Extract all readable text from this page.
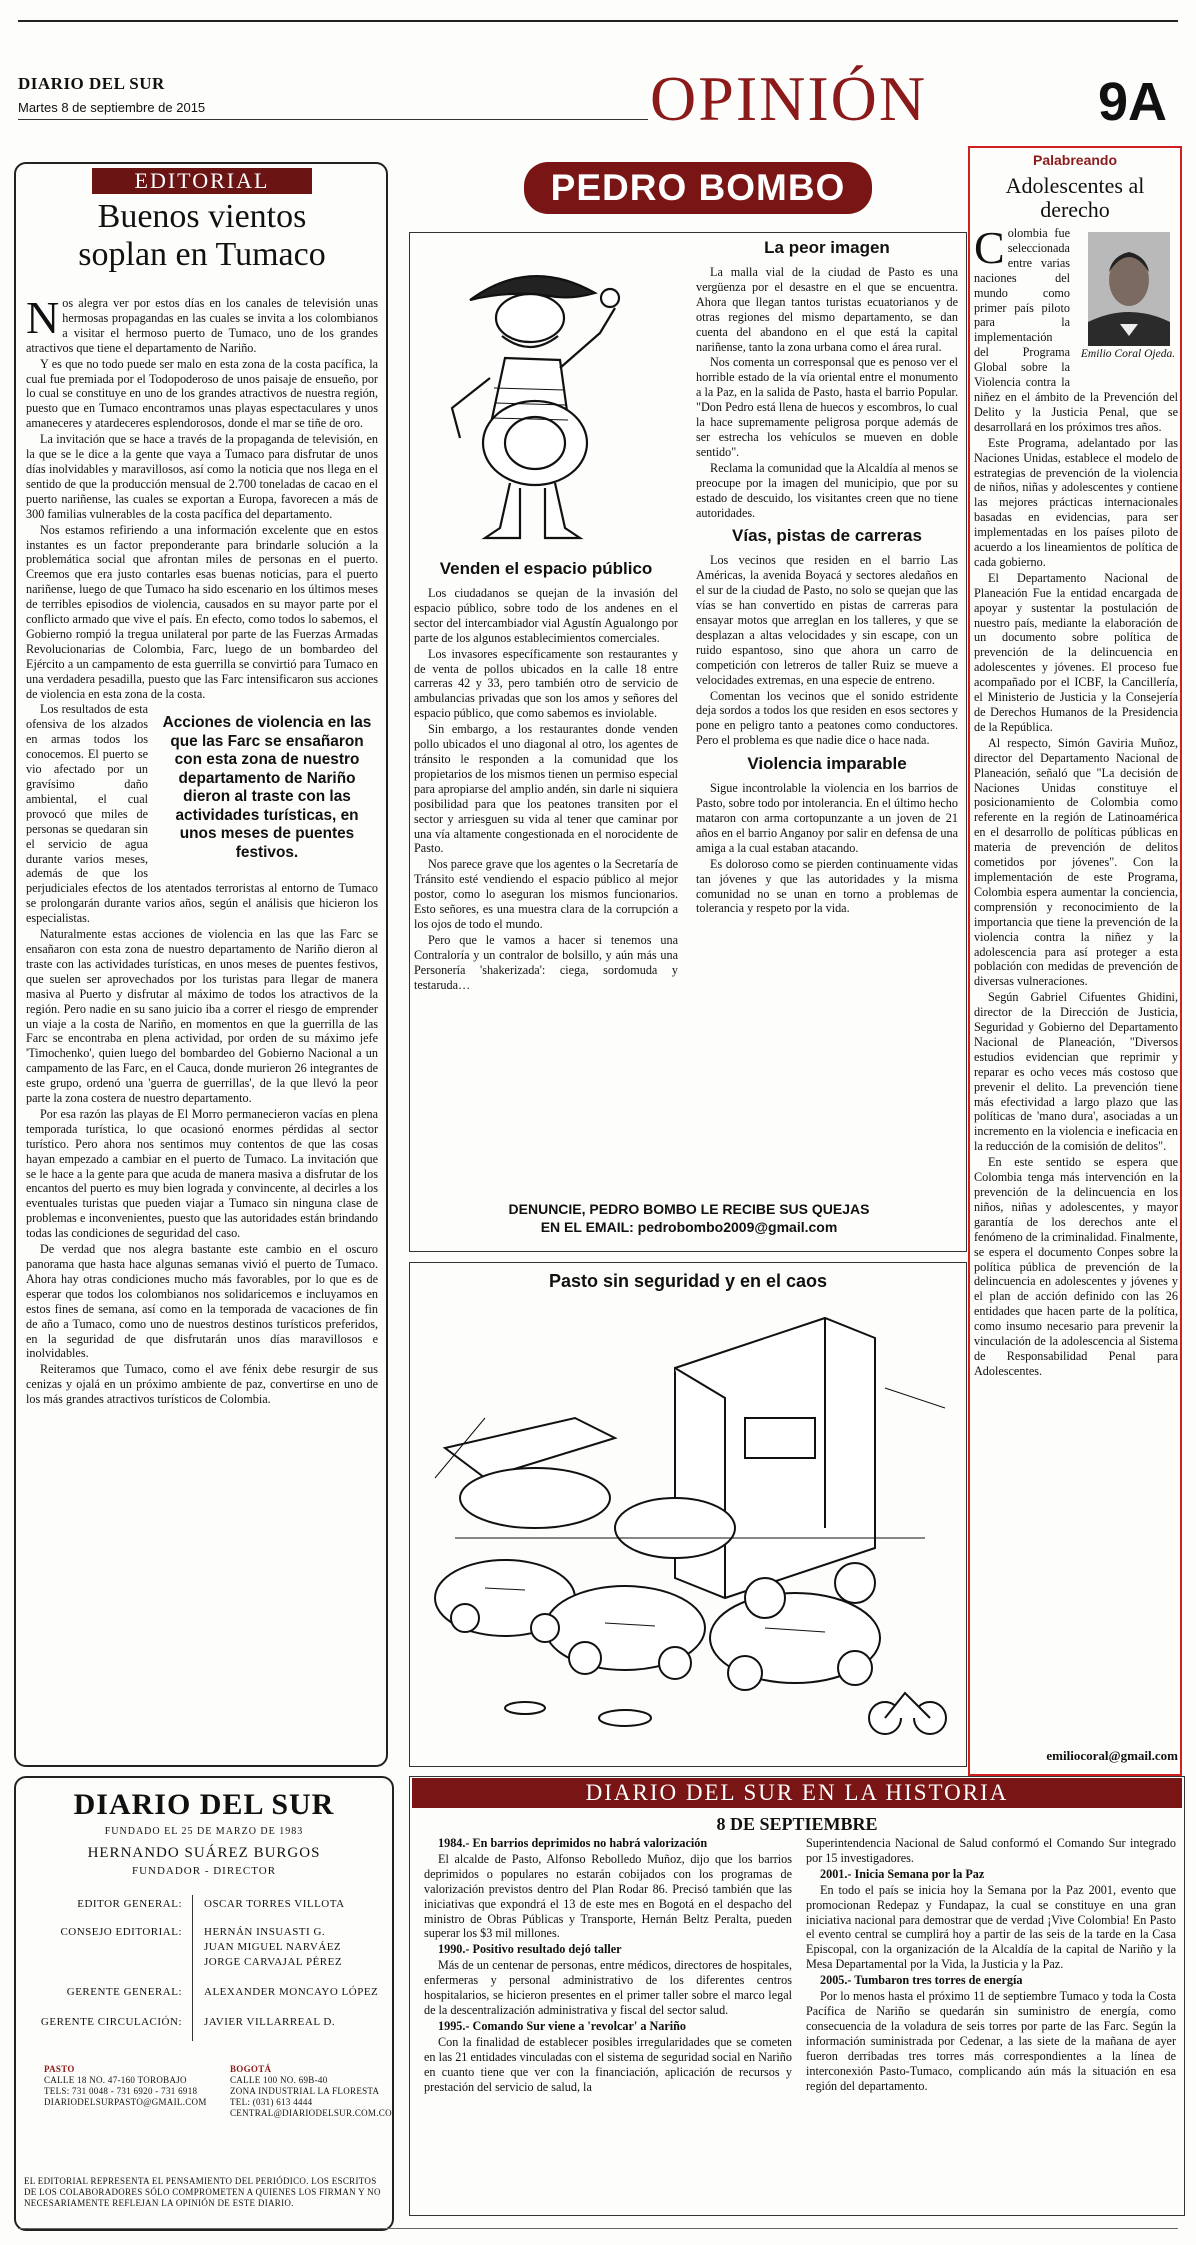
DIARIO DEL SUR
Martes 8 de septiembre de 2015	OPINIÓN	9A
EDITORIAL
Buenos vientos
soplan en Tumaco

Nos alegra ver por estos días en los canales de televisión unas hermosas propagandas en las cuales se invita a los colombianos a visitar el hermoso puerto de Tumaco, uno de los grandes atractivos que tiene el departamento de Nariño.

Y es que no todo puede ser malo en esta zona de la costa pacífica, la cual fue premiada por el Todopoderoso de unos paisaje de ensueño, por lo cual se constituye en uno de los grandes atractivos de nuestra región, puesto que en Tumaco encontramos unas playas espectaculares y unos amaneceres y atardeceres esplendorosos, donde el mar se tiñe de oro.

La invitación que se hace a través de la propaganda de televisión, en la que se le dice a la gente que vaya a Tumaco para disfrutar de unos días inolvidables y maravillosos, así como la noticia que nos llega en el sentido de que la producción mensual de 2.700 toneladas de cacao en el puerto nariñense, las cuales se exportan a Europa, favorecen a más de 300 familias vulnerables de la costa pacífica del departamento.

Nos estamos refiriendo a una información excelente que en estos instantes es un factor preponderante para brindarle solución a la problemática social que afrontan miles de personas en el puerto. Creemos que era justo contarles esas buenas noticias, para el puerto nariñense, luego de que Tumaco ha sido escenario en los últimos meses de terribles episodios de violencia, causados en su mayor parte por el conflicto armado que vive el país. En efecto, como todos lo sabemos, el Gobierno rompió la tregua unilateral por parte de las Fuerzas Armadas Revolucionarias de Colombia, Farc, luego de un bombardeo del Ejército a un campamento de esta guerrilla se convirtió para Tumaco en una verdadera pesadilla, puesto que las Farc intensificaron sus acciones de violencia en esta zona de la costa.

Acciones de violencia en las que las Farc se ensañaron con esta zona de nuestro departamento de Nariño dieron al traste con las actividades turísticas, en unos meses de puentes festivos.

Los resultados de esta ofensiva de los alzados en armas todos los conocemos. El puerto se vio afectado por un gravísimo daño ambiental, el cual provocó que miles de personas se quedaran sin el servicio de agua durante varios meses, además de que los perjudiciales efectos de los atentados terroristas al entorno de Tumaco se prolongarán durante varios años, según el análisis que hicieron los especialistas.

Naturalmente estas acciones de violencia en las que las Farc se ensañaron con esta zona de nuestro departamento de Nariño dieron al traste con las actividades turísticas, en unos meses de puentes festivos, que suelen ser aprovechados por los turistas para llegar de manera masiva al Puerto y disfrutar al máximo de todos los atractivos de la región. Pero nadie en su sano juicio iba a correr el riesgo de emprender un viaje a la costa de Nariño, en momentos en que la guerrilla de las Farc se encontraba en plena actividad, por orden de su máximo jefe 'Timochenko', quien luego del bombardeo del Gobierno Nacional a un campamento de las Farc, en el Cauca, donde murieron 26 integrantes de este grupo, ordenó una 'guerra de guerrillas', de la que llevó la peor parte la zona costera de nuestro departamento.

Por esa razón las playas de El Morro permanecieron vacías en plena temporada turística, lo que ocasionó enormes pérdidas al sector turístico. Pero ahora nos sentimos muy contentos de que las cosas hayan empezado a cambiar en el puerto de Tumaco. La invitación que se le hace a la gente para que acuda de manera masiva a disfrutar de los encantos del puerto es muy bien lograda y convincente, al decirles a los eventuales turistas que pueden viajar a Tumaco sin ninguna clase de problemas e inconvenientes, puesto que las autoridades están brindando todas las condiciones de seguridad del caso.

De verdad que nos alegra bastante este cambio en el oscuro panorama que hasta hace algunas semanas vivió el puerto de Tumaco. Ahora hay otras condiciones mucho más favorables, por lo que es de esperar que todos los colombianos nos solidaricemos e incluyamos en estos fines de semana, así como en la temporada de vacaciones de fin de año a Tumaco, como uno de nuestros destinos turísticos preferidos, en la seguridad de que disfrutarán unos días maravillosos e inolvidables.

Reiteramos que Tumaco, como el ave fénix debe resurgir de sus cenizas y ojalá en un próximo ambiente de paz, convertirse en uno de los más grandes atractivos turísticos de Colombia.

PEDRO BOMBO
Venden el espacio público

Los ciudadanos se quejan de la invasión del espacio público, sobre todo de los andenes en el sector del intercambiador vial Agustín Agualongo por parte de los algunos establecimientos comerciales.

Los invasores específicamente son restaurantes y de venta de pollos ubicados en la calle 18 entre carreras 42 y 33, pero también otro de servicio de ambulancias privadas que son los amos y señores del espacio público, que como sabemos es inviolable.

Sin embargo, a los restaurantes donde venden pollo ubicados el uno diagonal al otro, los agentes de tránsito le responden a la comunidad que los propietarios de los mismos tienen un permiso especial para apropiarse del amplio andén, sin darle ni siquiera posibilidad para que los peatones transiten por el sector y arriesguen su vida al tener que caminar por una vía altamente congestionada en el norocidente de Pasto.

Nos parece grave que los agentes o la Secretaría de Tránsito esté vendiendo el espacio público al mejor postor, como lo aseguran los mismos funcionarios. Esto señores, es una muestra clara de la corrupción a los ojos de todo el mundo.

Pero que le vamos a hacer si tenemos una Contraloría y un contralor de bolsillo, y aún más una Personería 'shakerizada': ciega, sordomuda y testaruda…

La peor imagen

La malla vial de la ciudad de Pasto es una vergüenza por el desastre en el que se encuentra. Ahora que llegan tantos turistas ecuatorianos y de otras regiones del mismo departamento, se dan cuenta del abandono en el que está la capital nariñense, tanto la zona urbana como el área rural.

Nos comenta un corresponsal que es penoso ver el horrible estado de la vía oriental entre el monumento a la Paz, en la salida de Pasto, hasta el barrio Popular. "Don Pedro está llena de huecos y escombros, lo cual la hace supremamente peligrosa porque además de ser estrecha los vehículos se mueven en doble sentido".

Reclama la comunidad que la Alcaldía al menos se preocupe por la imagen del municipio, que por su estado de descuido, los visitantes creen que no tiene autoridades.

Vías, pistas de carreras

Los vecinos que residen en el barrio Las Américas, la avenida Boyacá y sectores aledaños en el sur de la ciudad de Pasto, no solo se quejan que las vías se han convertido en pistas de carreras para ensayar motos que arreglan en los talleres, y que se desplazan a altas velocidades y sin escape, con un ruido espantoso, sino que ahora un carro de competición con letreros de taller Ruiz se mueve a velocidades extremas, en una especie de entreno.

Comentan los vecinos que el sonido estridente deja sordos a todos los que residen en esos sectores y pone en peligro tanto a peatones como conductores. Pero el problema es que nadie dice o hace nada.

Violencia imparable

Sigue incontrolable la violencia en los barrios de Pasto, sobre todo por intolerancia. En el último hecho mataron con arma cortopunzante a un joven de 21 años en el barrio Anganoy por salir en defensa de una amiga a la cual estaban atacando.

Es doloroso como se pierden continuamente vidas tan jóvenes y que las autoridades y la misma comunidad no se unan en torno a problemas de tolerancia y respeto por la vida.

DENUNCIE, PEDRO BOMBO LE RECIBE SUS QUEJAS
EN EL EMAIL: pedrobombo2009@gmail.com
Pasto sin seguridad y en el caos
Palabreando
Adolescentes al derecho
Emilio Coral Ojeda.

Colombia fue seleccionada entre varias naciones del mundo como primer país piloto para la implementación del Programa Global sobre la Violencia contra la niñez en el ámbito de la Prevención del Delito y la Justicia Penal, que se desarrollará en los próximos tres años.

Este Programa, adelantado por las Naciones Unidas, establece el modelo de estrategias de prevención de la violencia de niños, niñas y adolescentes y contiene las mejores prácticas internacionales basadas en evidencias, para ser implementadas en los países piloto de acuerdo a los lineamientos de política de cada gobierno.

El Departamento Nacional de Planeación Fue la entidad encargada de apoyar y sustentar la postulación de nuestro país, mediante la elaboración de un documento sobre política de prevención de la delincuencia en adolescentes y jóvenes. El proceso fue acompañado por el ICBF, la Cancillería, el Ministerio de Justicia y la Consejería de Derechos Humanos de la Presidencia de la República.

Al respecto, Simón Gaviria Muñoz, director del Departamento Nacional de Planeación, señaló que "La decisión de Naciones Unidas constituye el posicionamiento de Colombia como referente en la región de Latinoamérica en el desarrollo de políticas públicas en materia de prevención de delitos cometidos por jóvenes". Con la implementación de este Programa, Colombia espera aumentar la conciencia, comprensión y reconocimiento de la importancia que tiene la prevención de la violencia contra la niñez y la adolescencia para así proteger a esta población con medidas de prevención de diversas vulneraciones.

Según Gabriel Cifuentes Ghidini, director de la Dirección de Justicia, Seguridad y Gobierno del Departamento Nacional de Planeación, "Diversos estudios evidencian que reprimir y reparar es ocho veces más costoso que prevenir el delito. La prevención tiene más efectividad a largo plazo que las políticas de 'mano dura', asociadas a un incremento en la violencia e ineficacia en la reducción de la comisión de delitos".

En este sentido se espera que Colombia tenga más intervención en la prevención de la delincuencia en los niños, niñas y adolescentes, y mayor garantía de los derechos ante el fenómeno de la criminalidad. Finalmente, se espera el documento Conpes sobre la política pública de prevención de la delincuencia en adolescentes y jóvenes y el plan de acción definido con las 26 entidades que hacen parte de la política, como insumo necesario para prevenir la vinculación de la adolescencia al Sistema de Responsabilidad Penal para Adolescentes.

emiliocoral@gmail.com
DIARIO DEL SUR
FUNDADO EL 25 DE MARZO DE 1983
HERNANDO SUÁREZ BURGOS
FUNDADOR - DIRECTOR
EDITOR GENERAL: OSCAR TORRES VILLOTA
CONSEJO EDITORIAL: HERNÁN INSUASTI G.
JUAN MIGUEL NARVÁEZ
JORGE CARVAJAL PÉREZ
GERENTE GENERAL: ALEXANDER MONCAYO LÓPEZ
GERENTE CIRCULACIÓN: JAVIER VILLARREAL D.
PASTO
CALLE 18 NO. 47-160 TOROBAJO
TELS: 731 0048 - 731 6920 - 731 6918
DIARIODELSURPASTO@GMAIL.COM
BOGOTÁ
CALLE 100 NO. 69B-40
ZONA INDUSTRIAL LA FLORESTA
TEL: (031) 613 4444
CENTRAL@DIARIODELSUR.COM.CO
EL EDITORIAL REPRESENTA EL PENSAMIENTO DEL PERIÓDICO. LOS ESCRITOS DE LOS COLABORADORES SÓLO COMPROMETEN A QUIENES LOS FIRMAN Y NO NECESARIAMENTE REFLEJAN LA OPINIÓN DE ESTE DIARIO.
DIARIO DEL SUR EN LA HISTORIA
8 DE SEPTIEMBRE

1984.- En barrios deprimidos no habrá valorización

El alcalde de Pasto, Alfonso Rebolledo Muñoz, dijo que los barrios deprimidos o populares no estarán cobijados con los programas de valorización previstos dentro del Plan Rodar 86. Precisó también que las iniciativas que expondrá el 13 de este mes en Bogotá en el despacho del ministro de Obras Públicas y Transporte, Hernán Beltz Peralta, pueden superar los $3 mil millones.

1990.- Positivo resultado dejó taller

Más de un centenar de personas, entre médicos, directores de hospitales, enfermeras y personal administrativo de los diferentes centros hospitalarios, se hicieron presentes en el primer taller sobre el marco legal de la descentralización administrativa y fiscal del sector salud.

1995.- Comando Sur viene a 'revolcar' a Nariño

Con la finalidad de establecer posibles irregularidades que se cometen en las 21 entidades vinculadas con el sistema de seguridad social en Nariño en cuanto tiene que ver con la financiación, aplicación de recursos y prestación del servicio de salud, la

Superintendencia Nacional de Salud conformó el Comando Sur integrado por 15 investigadores.

2001.- Inicia Semana por la Paz

En todo el país se inicia hoy la Semana por la Paz 2001, evento que promocionan Redepaz y Fundapaz, la cual se constituye en una gran iniciativa nacional para demostrar que de verdad ¡Vive Colombia! En Pasto el evento central se cumplirá hoy a partir de las seis de la tarde en la Casa Episcopal, con la organización de la Alcaldía de la capital de Nariño y la Mesa Departamental por la Vida, la Justicia y la Paz.

2005.- Tumbaron tres torres de energía

Por lo menos hasta el próximo 11 de septiembre Tumaco y toda la Costa Pacífica de Nariño se quedarán sin suministro de energía, como consecuencia de la voladura de seis torres por parte de las Farc. Según la información suministrada por Cedenar, a las siete de la mañana de ayer fueron derribadas tres torres más correspondientes a la línea de interconexión Pasto-Tumaco, complicando aún más la situación en esa región del departamento.
